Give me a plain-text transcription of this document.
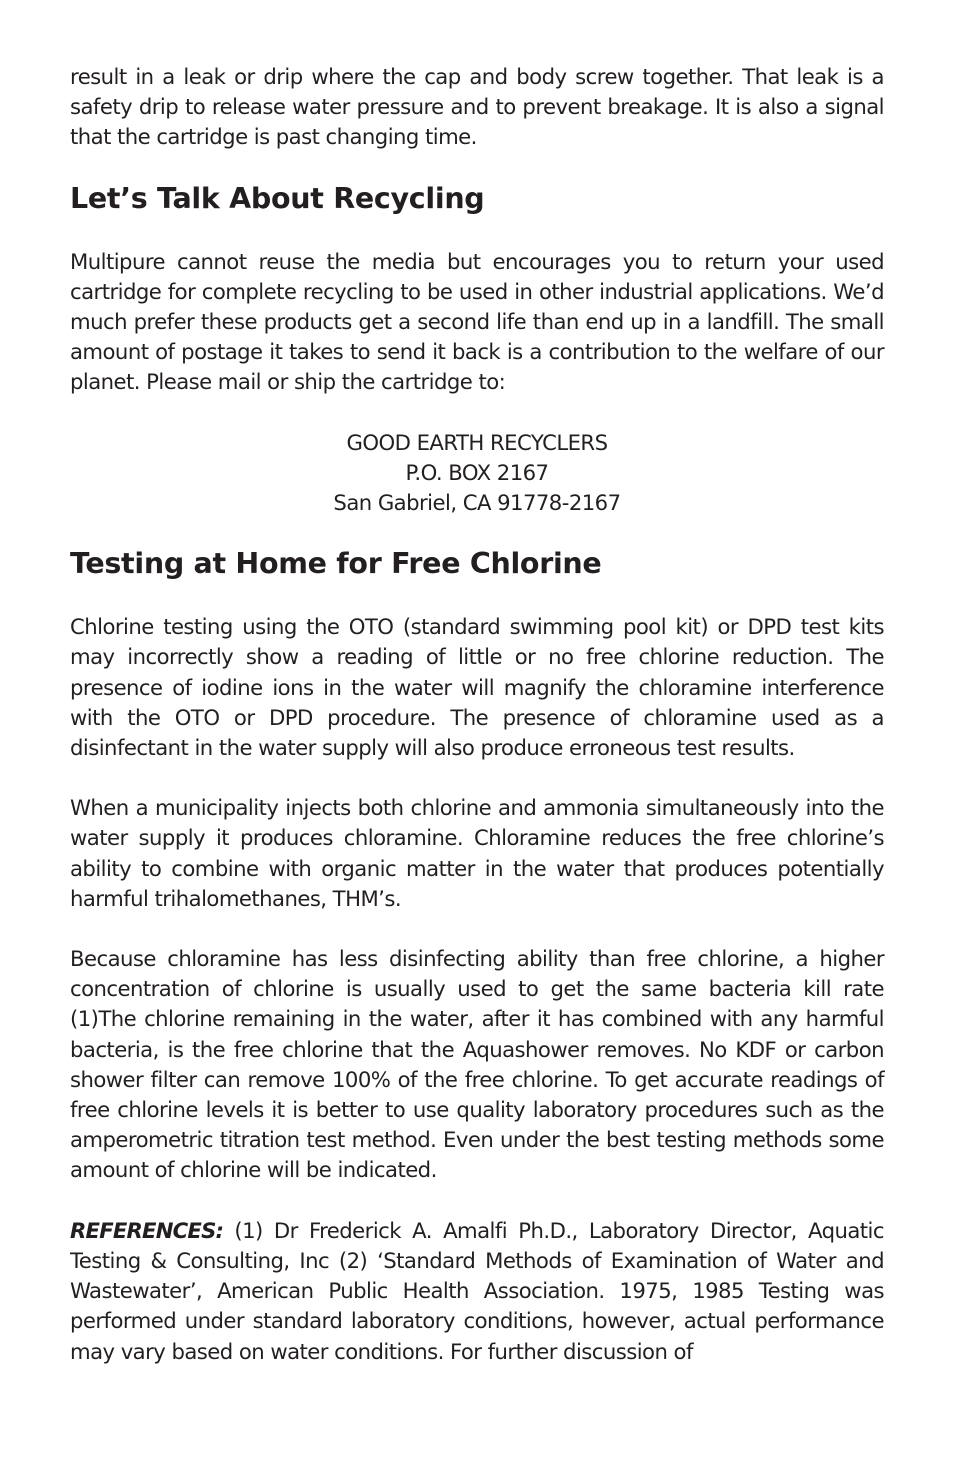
result in a leak or drip where the cap and body screw together. That leak is a safety drip to release water pressure and to prevent breakage. It is also a signal that the cartridge is past changing time.

Let’s Talk About Recycling

Multipure cannot reuse the media but encourages you to return your used cartridge for complete recycling to be used in other industrial applications. We’d much prefer these products get a second life than end up in a landfill. The small amount of postage it takes to send it back is a contribution to the welfare of our planet. Please mail or ship the cartridge to:

GOOD EARTH RECYCLERS
P.O. BOX 2167
San Gabriel, CA 91778-2167
Testing at Home for Free Chlorine

Chlorine testing using the OTO (standard swimming pool kit) or DPD test kits may incorrectly show a reading of little or no free chlorine reduction. The presence of iodine ions in the water will magnify the chloramine interference with the OTO or DPD procedure. The presence of chloramine used as a disinfectant in the water supply will also produce erroneous test results.

When a municipality injects both chlorine and ammonia simultaneously into the water supply it produces chloramine. Chloramine reduces the free chlorine’s ability to combine with organic matter in the water that produces potentially harmful trihalomethanes, THM’s.

Because chloramine has less disinfecting ability than free chlorine, a higher concentration of chlorine is usually used to get the same bacteria kill rate (1)The chlorine remaining in the water, after it has combined with any harmful bacteria, is the free chlorine that the Aquashower removes. No KDF or carbon shower filter can remove 100% of the free chlorine. To get accurate readings of free chlorine levels it is better to use quality laboratory procedures such as the amperometric titration test method. Even under the best testing methods some amount of chlorine will be indicated.

REFERENCES: (1) Dr Frederick A. Amalfi Ph.D., Laboratory Director, Aquatic Testing & Consulting, Inc (2) ‘Standard Methods of Examination of Water and Wastewater’, American Public Health Association. 1975, 1985 Testing was performed under standard laboratory conditions, however, actual performance may vary based on water conditions. For further discussion of
